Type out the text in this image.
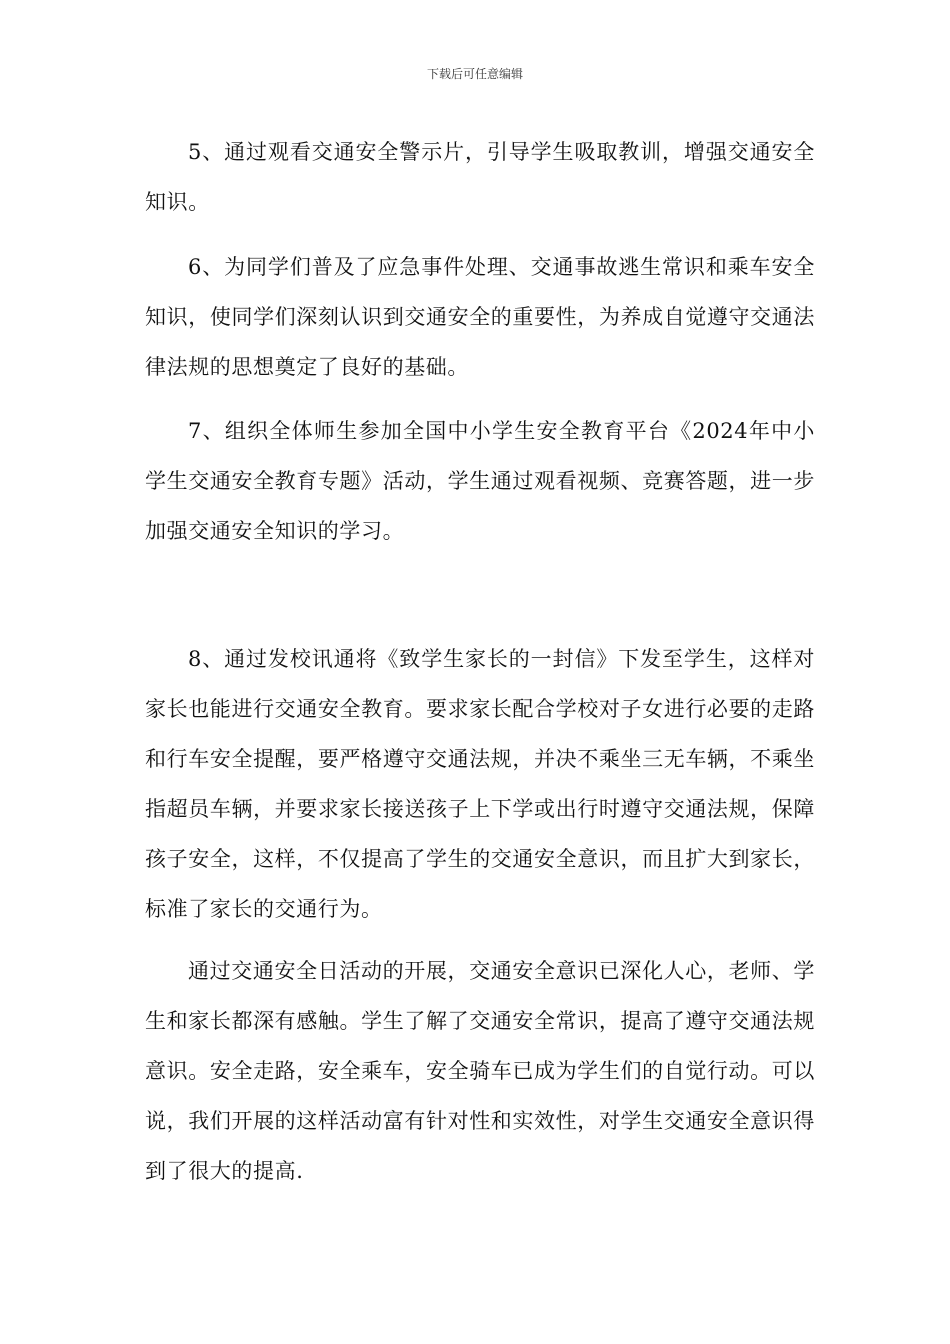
下载后可任意编辑

5、通过观看交通安全警示片，引导学生吸取教训，增强交通安全知识。

6、为同学们普及了应急事件处理、交通事故逃生常识和乘车安全知识，使同学们深刻认识到交通安全的重要性，为养成自觉遵守交通法律法规的思想奠定了良好的基础。

7、组织全体师生参加全国中小学生安全教育平台《2024年中小学生交通安全教育专题》活动，学生通过观看视频、竞赛答题，进一步加强交通安全知识的学习。

8、通过发校讯通将《致学生家长的一封信》下发至学生，这样对家长也能进行交通安全教育。要求家长配合学校对子女进行必要的走路和行车安全提醒，要严格遵守交通法规，并决不乘坐三无车辆，不乘坐指超员车辆，并要求家长接送孩子上下学或出行时遵守交通法规，保障孩子安全，这样，不仅提高了学生的交通安全意识，而且扩大到家长，标准了家长的交通行为。

通过交通安全日活动的开展，交通安全意识已深化人心，老师、学生和家长都深有感触。学生了解了交通安全常识，提高了遵守交通法规意识。安全走路，安全乘车，安全骑车已成为学生们的自觉行动。可以说，我们开展的这样活动富有针对性和实效性，对学生交通安全意识得到了很大的提高.
